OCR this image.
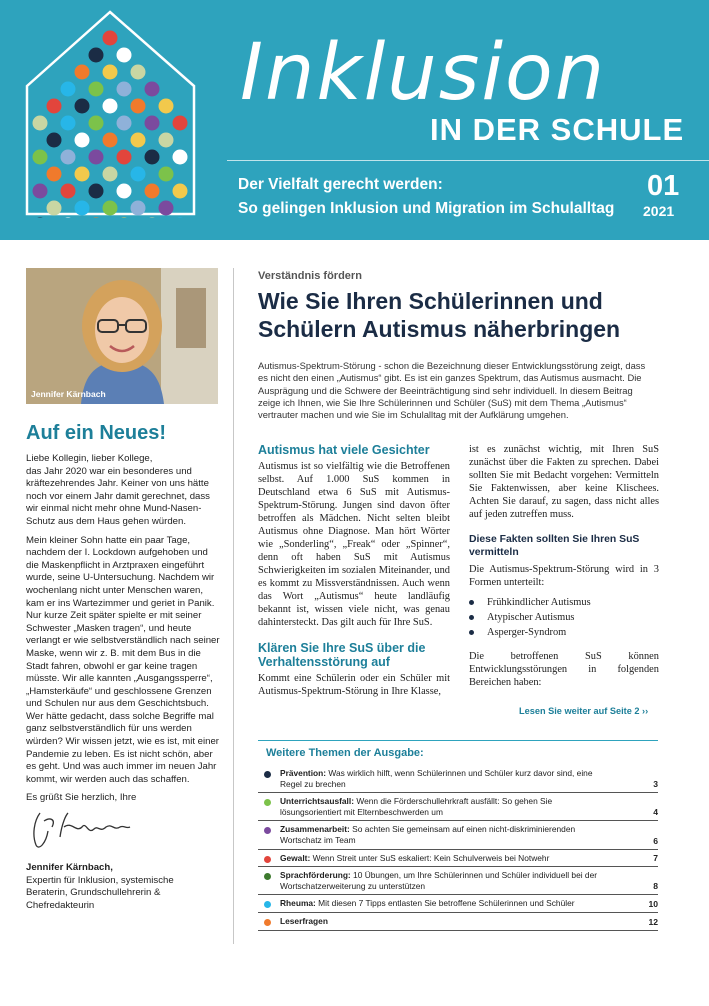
Inklusion
IN DER SCHULE
Der Vielfalt gerecht werden:
So gelingen Inklusion und Migration im Schulalltag
01
2021
Jennifer Kärnbach
Auf ein Neues!

Liebe Kollegin, lieber Kollege,

das Jahr 2020 war ein besonderes und kräftezehrendes Jahr. Keiner von uns hätte noch vor einem Jahr damit gerechnet, dass wir einmal nicht mehr ohne Mund-Nasen-Schutz aus dem Haus gehen würden.

Mein kleiner Sohn hatte ein paar Tage, nachdem der I. Lockdown aufgehoben und die Maskenpflicht in Arztpraxen eingeführt wurde, seine U-Untersuchung. Nachdem wir wochenlang nicht unter Menschen waren, kam er ins Wartezimmer und geriet in Panik. Nur kurze Zeit später spielte er mit seiner Schwester „Masken tragen“, und heute verlangt er wie selbstverständlich nach seiner Maske, wenn wir z. B. mit dem Bus in die Stadt fahren, obwohl er gar keine tragen müsste. Wir alle kannten „Ausgangssperre“, „Hamsterkäufe“ und geschlossene Grenzen und Schulen nur aus dem Geschichtsbuch. Wer hätte gedacht, dass solche Begriffe mal ganz selbstverständlich für uns werden würden? Wir wissen jetzt, wie es ist, mit einer Pandemie zu leben. Es ist nicht schön, aber es geht. Und was auch immer im neuen Jahr kommt, wir werden auch das schaffen.

Es grüßt Sie herzlich, Ihre

Jennifer Kärnbach,
Expertin für Inklusion, systemische
Beraterin, Grundschullehrerin &
Chefredakteurin
Verständnis fördern
Wie Sie Ihren Schülerinnen und Schülern Autismus näherbringen
Autismus-Spektrum-Störung - schon die Bezeichnung dieser Entwicklungsstörung zeigt, dass es nicht den einen „Autismus“ gibt. Es ist ein ganzes Spektrum, das Autismus ausmacht. Die Ausprägung und die Schwere der Beeinträchtigung sind sehr individuell. In diesem Beitrag zeige ich Ihnen, wie Sie Ihre Schülerinnen und Schüler (SuS) mit dem Thema „Autismus“ vertrauter machen und wie Sie im Schulalltag mit der Aufklärung umgehen.
Autismus hat viele Gesichter
Autismus ist so vielfältig wie die Betroffenen selbst. Auf 1.000 SuS kommen in Deutschland etwa 6 SuS mit Autismus-Spektrum-Störung. Jungen sind davon öfter betroffen als Mädchen. Nicht selten bleibt Autismus ohne Diagnose. Man hört Wörter wie „Sonderling“, „Freak“ oder „Spinner“, denn oft haben SuS mit Autismus Schwierigkeiten im sozialen Miteinander, und es kommt zu Missverständnissen. Auch wenn das Wort „Autismus“ heute landläufig bekannt ist, wissen viele nicht, was genau dahintersteckt. Das gilt auch für Ihre SuS.
Klären Sie Ihre SuS über die Verhaltensstörung auf
Kommt eine Schülerin oder ein Schüler mit Autismus-Spektrum-Störung in Ihre Klasse,
ist es zunächst wichtig, mit Ihren SuS zunächst über die Fakten zu sprechen. Dabei sollten Sie mit Bedacht vorgehen: Vermitteln Sie Faktenwissen, aber keine Klischees. Achten Sie darauf, zu sagen, dass nicht alles auf jeden zutreffen muss.
Diese Fakten sollten Sie Ihren SuS vermitteln
Die Autismus-Spektrum-Störung wird in 3 Formen unterteilt:
Frühkindlicher Autismus
Atypischer Autismus
Asperger-Syndrom
Die betroffenen SuS können Entwicklungsstörungen in folgenden Bereichen haben:
Lesen Sie weiter auf Seite 2 ››
Weitere Themen der Ausgabe:
Prävention: Was wirklich hilft, wenn Schülerinnen und Schüler kurz davor sind, eine Regel zu brechen	3
Unterrichtsausfall: Wenn die Förderschullehrkraft ausfällt: So gehen Sie lösungsorientiert mit Elternbeschwerden um	4
Zusammenarbeit: So achten Sie gemeinsam auf einen nicht-diskriminierenden Wortschatz im Team	6
Gewalt: Wenn Streit unter SuS eskaliert: Kein Schulverweis bei Notwehr	7
Sprachförderung: 10 Übungen, um Ihre Schülerinnen und Schüler individuell bei der Wortschatzerweiterung zu unterstützen	8
Rheuma: Mit diesen 7 Tipps entlasten Sie betroffene Schülerinnen und Schüler	10
Leserfragen	12
